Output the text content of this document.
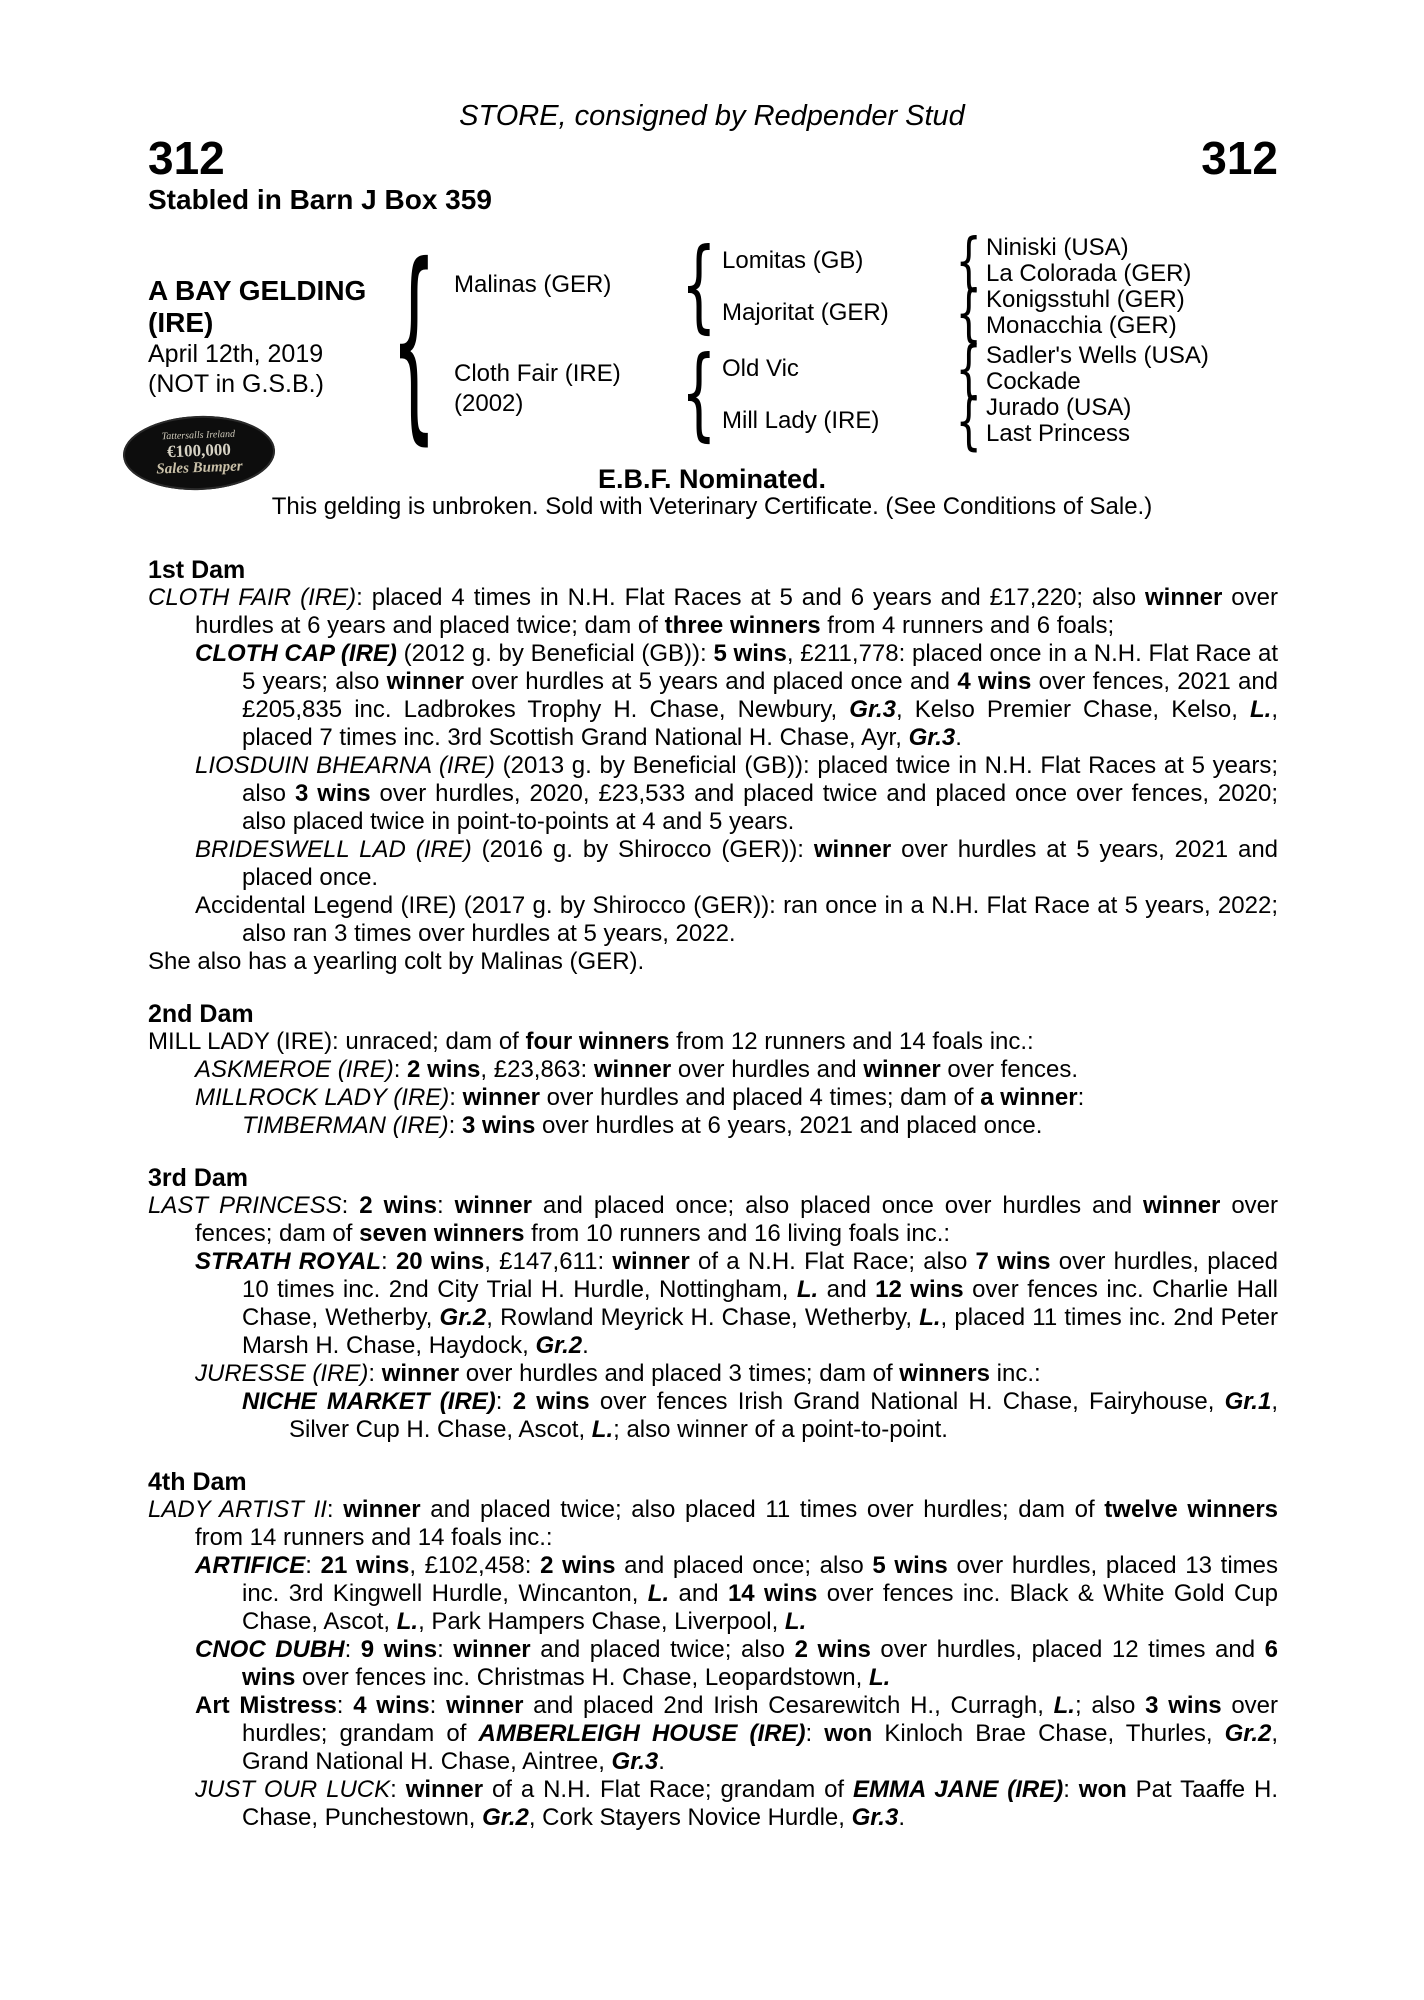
STORE, consigned by Redpender Stud
312	312
Stabled in Barn J Box 359
A BAY GELDING
(IRE)
April 12th, 2019
(NOT in G.S.B.) {	{
{
{
{
{
{
Malinas (GER)
Cloth Fair (IRE)
(2002)
Lomitas (GB)
Majoritat (GER)
Old Vic
Mill Lady (IRE)
Niniski (USA)
La Colorada (GER)
Konigsstuhl (GER)
Monacchia (GER)
Sadler's Wells (USA)
Cockade
Jurado (USA)
Last Princess
Tattersalls Ireland
€100,000
Sales Bumper	E.B.F. Nominated.
This gelding is unbroken. Sold with Veterinary Certificate. (See Conditions of Sale.)
1st Dam

CLOTH FAIR (IRE): placed 4 times in N.H. Flat Races at 5 and 6 years and £17,220; also winner over hurdles at 6 years and placed twice; dam of three winners from 4 runners and 6 foals;

CLOTH CAP (IRE) (2012 g. by Beneficial (GB)): 5 wins, £211,778: placed once in a N.H. Flat Race at 5 years; also winner over hurdles at 5 years and placed once and 4 wins over fences, 2021 and £205,835 inc. Ladbrokes Trophy H. Chase, Newbury, Gr.3, Kelso Premier Chase, Kelso, L., placed 7 times inc. 3rd Scottish Grand National H. Chase, Ayr, Gr.3.

LIOSDUIN BHEARNA (IRE) (2013 g. by Beneficial (GB)): placed twice in N.H. Flat Races at 5 years; also 3 wins over hurdles, 2020, £23,533 and placed twice and placed once over fences, 2020; also placed twice in point-to-points at 4 and 5 years.

BRIDESWELL LAD (IRE) (2016 g. by Shirocco (GER)): winner over hurdles at 5 years, 2021 and placed once.

Accidental Legend (IRE) (2017 g. by Shirocco (GER)): ran once in a N.H. Flat Race at 5 years, 2022; also ran 3 times over hurdles at 5 years, 2022.

She also has a yearling colt by Malinas (GER).

2nd Dam

MILL LADY (IRE): unraced; dam of four winners from 12 runners and 14 foals inc.:

ASKMEROE (IRE): 2 wins, £23,863: winner over hurdles and winner over fences.

MILLROCK LADY (IRE): winner over hurdles and placed 4 times; dam of a winner:

TIMBERMAN (IRE): 3 wins over hurdles at 6 years, 2021 and placed once.

3rd Dam

LAST PRINCESS: 2 wins: winner and placed once; also placed once over hurdles and winner over fences; dam of seven winners from 10 runners and 16 living foals inc.:

STRATH ROYAL: 20 wins, £147,611: winner of a N.H. Flat Race; also 7 wins over hurdles, placed 10 times inc. 2nd City Trial H. Hurdle, Nottingham, L. and 12 wins over fences inc. Charlie Hall Chase, Wetherby, Gr.2, Rowland Meyrick H. Chase, Wetherby, L., placed 11 times inc. 2nd Peter Marsh H. Chase, Haydock, Gr.2.

JURESSE (IRE): winner over hurdles and placed 3 times; dam of winners inc.:

NICHE MARKET (IRE): 2 wins over fences Irish Grand National H. Chase, Fairyhouse, Gr.1, Silver Cup H. Chase, Ascot, L.; also winner of a point-to-point.

4th Dam

LADY ARTIST II: winner and placed twice; also placed 11 times over hurdles; dam of twelve winners from 14 runners and 14 foals inc.:

ARTIFICE: 21 wins, £102,458: 2 wins and placed once; also 5 wins over hurdles, placed 13 times inc. 3rd Kingwell Hurdle, Wincanton, L. and 14 wins over fences inc. Black & White Gold Cup Chase, Ascot, L., Park Hampers Chase, Liverpool, L.

CNOC DUBH: 9 wins: winner and placed twice; also 2 wins over hurdles, placed 12 times and 6 wins over fences inc. Christmas H. Chase, Leopardstown, L.

Art Mistress: 4 wins: winner and placed 2nd Irish Cesarewitch H., Curragh, L.; also 3 wins over hurdles; grandam of AMBERLEIGH HOUSE (IRE): won Kinloch Brae Chase, Thurles, Gr.2, Grand National H. Chase, Aintree, Gr.3.

JUST OUR LUCK: winner of a N.H. Flat Race; grandam of EMMA JANE (IRE): won Pat Taaffe H. Chase, Punchestown, Gr.2, Cork Stayers Novice Hurdle, Gr.3.
